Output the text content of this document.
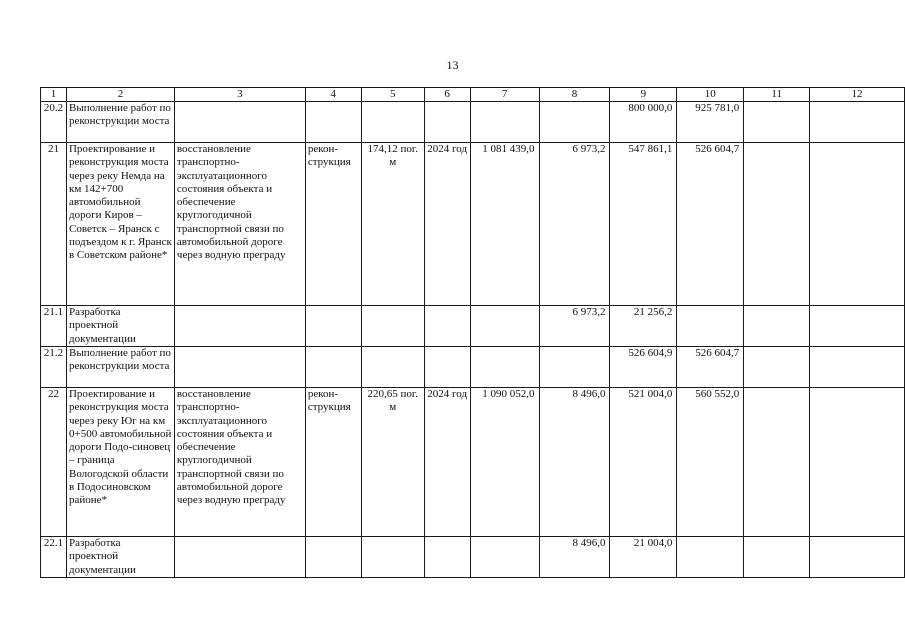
13
1	2	3	4	5	6	7	8	9	10	11	12
20.2	Выполнение работ по реконструкции моста							800 000,0	925 781,0		
21	Проектирование и реконструкция моста через реку Немда на км 142+700 автомобильной дороги Киров – Советск – Яранск с подъездом к г. Яранск в Советском районе*	восстановление транспортно-эксплуатационного состояния объекта и обеспечение круглогодичной транспортной связи по автомобильной дороге через водную преграду	рекон-струкция	174,12 пог. м	2024 год	1 081 439,0	6 973,2	547 861,1	526 604,7		
21.1	Разработка проектной документации						6 973,2	21 256,2			
21.2	Выполнение работ по реконструкции моста							526 604,9	526 604,7		
22	Проектирование и реконструкция моста через реку Юг на км 0+500 автомобильной дороги Подо-синовец – граница Вологодской области в Подосиновском районе*	восстановление транспортно-эксплуатационного состояния объекта и обеспечение круглогодичной транспортной связи по автомобильной дороге через водную преграду	рекон-струкция	220,65 пог. м	2024 год	1 090 052,0	8 496,0	521 004,0	560 552,0		
22.1	Разработка проектной документации						8 496,0	21 004,0			
